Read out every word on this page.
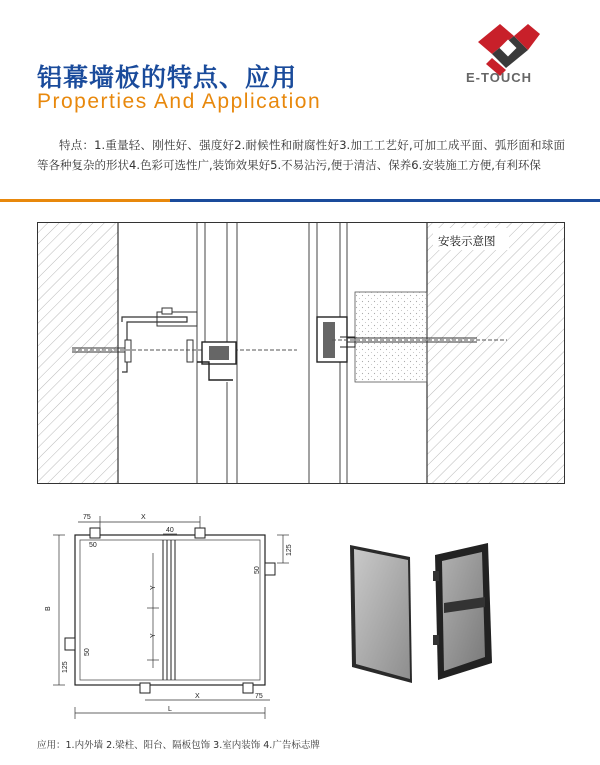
铝幕墙板的特点、应用
Properties And Application
E-TOUCH
特点：1.重量轻、刚性好、强度好2.耐候性和耐腐性好3.加工工艺好,可加工成平面、弧形面和球面等各种复杂的形状4.色彩可选性广,装饰效果好5.不易沾污,便于清洁、保养6.安装施工方便,有利环保
安装示意图
75	X
40
50	125
50
Y
Y
B
50
125
X	75
L
应用：1.内外墙 2.梁柱、阳台、隔板包饰 3.室内装饰 4.广告标志牌
